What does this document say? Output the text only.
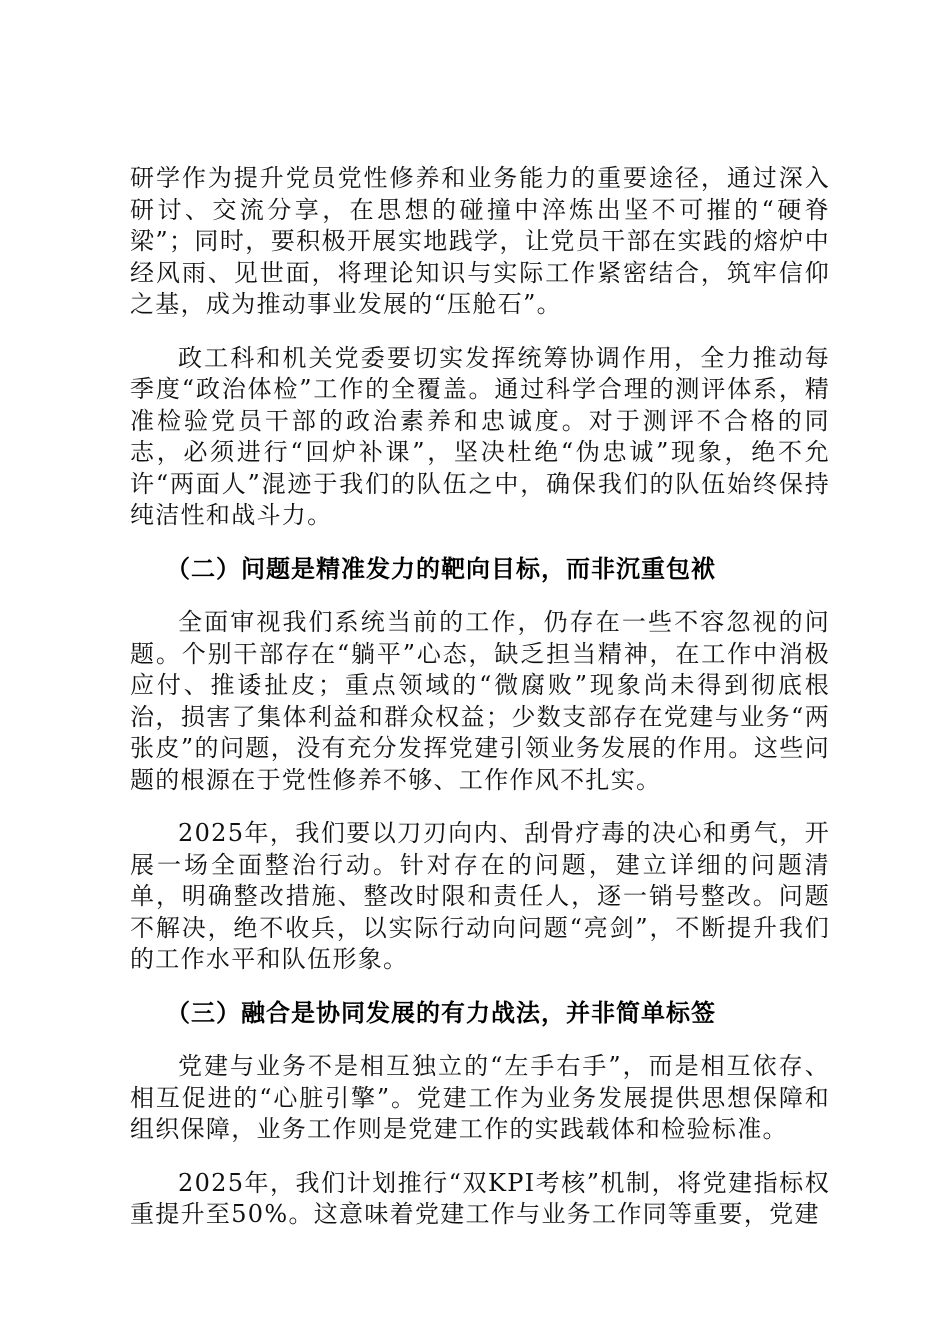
研学作为提升党员党性修养和业务能力的重要途径，通过深入研讨、交流分享，在思想的碰撞中淬炼出坚不可摧的“硬脊梁”；同时，要积极开展实地践学，让党员干部在实践的熔炉中经风雨、见世面，将理论知识与实际工作紧密结合，筑牢信仰之基，成为推动事业发展的“压舱石”。

政工科和机关党委要切实发挥统筹协调作用，全力推动每季度“政治体检”工作的全覆盖。通过科学合理的测评体系，精准检验党员干部的政治素养和忠诚度。对于测评不合格的同志，必须进行“回炉补课”，坚决杜绝“伪忠诚”现象，绝不允许“两面人”混迹于我们的队伍之中，确保我们的队伍始终保持纯洁性和战斗力。

（二）问题是精准发力的靶向目标，而非沉重包袱

全面审视我们系统当前的工作，仍存在一些不容忽视的问题。个别干部存在“躺平”心态，缺乏担当精神，在工作中消极应付、推诿扯皮；重点领域的“微腐败”现象尚未得到彻底根治，损害了集体利益和群众权益；少数支部存在党建与业务“两张皮”的问题，没有充分发挥党建引领业务发展的作用。这些问题的根源在于党性修养不够、工作作风不扎实。

2025年，我们要以刀刃向内、刮骨疗毒的决心和勇气，开展一场全面整治行动。针对存在的问题，建立详细的问题清单，明确整改措施、整改时限和责任人，逐一销号整改。问题不解决，绝不收兵，以实际行动向问题“亮剑”，不断提升我们的工作水平和队伍形象。

（三）融合是协同发展的有力战法，并非简单标签

党建与业务不是相互独立的“左手右手”，而是相互依存、相互促进的“心脏引擎”。党建工作为业务发展提供思想保障和组织保障，业务工作则是党建工作的实践载体和检验标准。

2025年，我们计划推行“双KPI考核”机制，将党建指标权重提升至50%。这意味着党建工作与业务工作同等重要，党建
